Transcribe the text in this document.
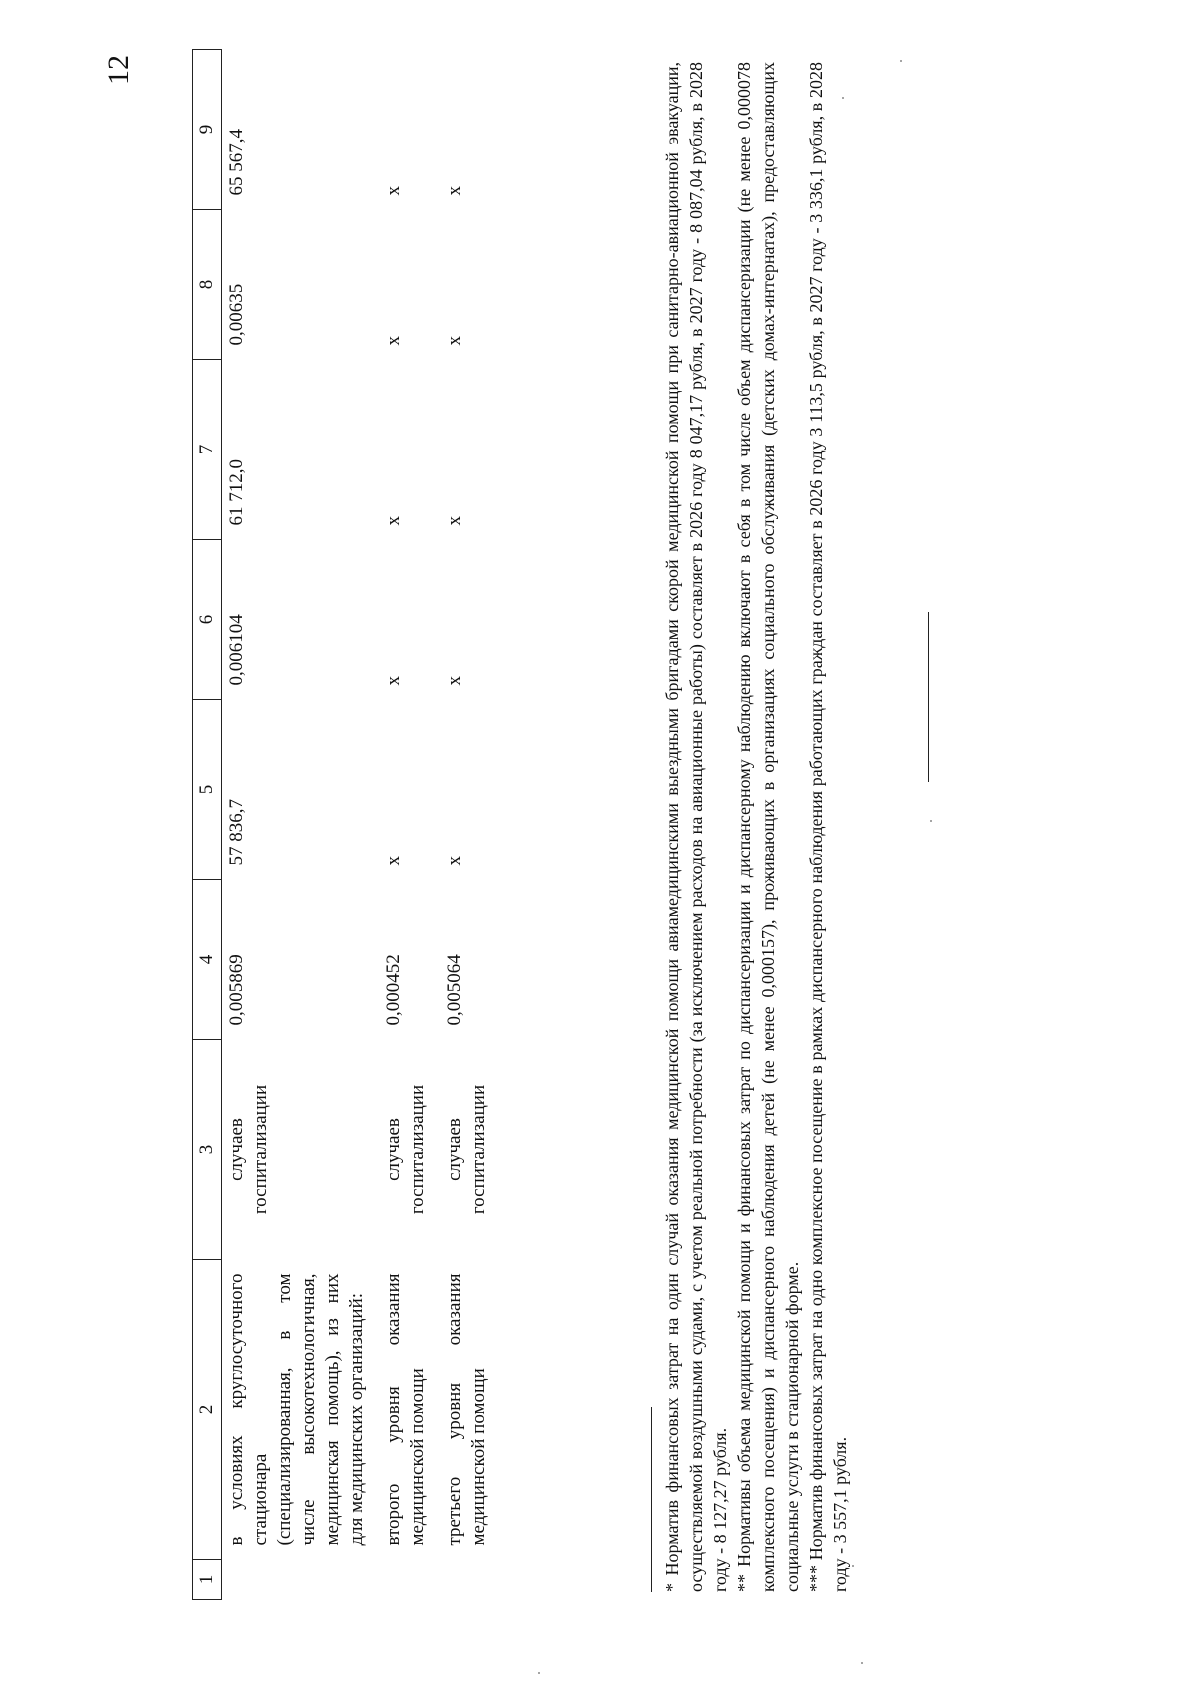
12
1	2	3	4	5	6	7	8	9
	в условиях круглосуточного стационара (специализированная, в том числе высокотехнологичная, медицинская помощь), из них для медицинских организаций:	случаев госпитализации	0,005869	57 836,7	0,006104	61 712,0	0,00635	65 567,4
	второго уровня оказания медицинской помощи	случаев госпитализации	0,000452	x	x	x	x	x
	третьего уровня оказания медицинской помощи	случаев госпитализации	0,005064	x	x	x	x	x	* Норматив финансовых затрат на один случай оказания медицинской помощи авиамедицинскими выездными бригадами скорой медицинской помощи при санитарно-авиационной эвакуации, осуществляемой воздушными судами, с учетом реальной потребности (за исключением расходов на авиационные работы) составляет в 2026 году 8 047,17 рубля, в 2027 году - 8 087,04 рубля, в 2028 году - 8 127,27 рубля. ** Нормативы объема медицинской помощи и финансовых затрат по диспансеризации и диспансерному наблюдению включают в себя в том числе объем диспансеризации (не менее 0,000078 комплексного посещения) и диспансерного наблюдения детей (не менее 0,000157), проживающих в организациях социального обслуживания (детских домах-интернатах), предоставляющих социальные услуги в стационарной форме. *** Норматив финансовых затрат на одно комплексное посещение в рамках диспансерного наблюдения работающих граждан составляет в 2026 году 3 113,5 рубля, в 2027 году - 3 336,1 рубля, в 2028 году - 3 557,1 рубля.
